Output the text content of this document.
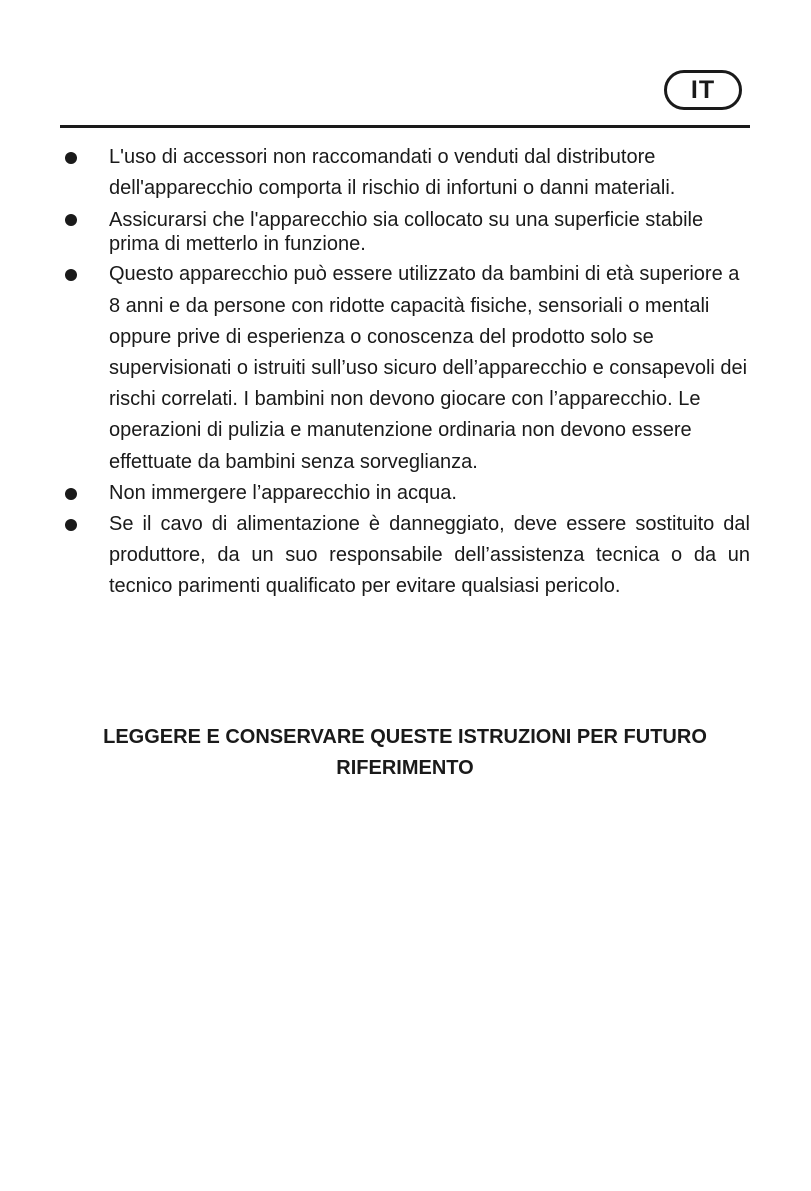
IT
L'uso di accessori non raccomandati o venduti dal distributore dell'apparecchio comporta il rischio di infortuni o danni materiali.
Assicurarsi che l'apparecchio sia collocato su una superficie stabile prima di metterlo in funzione.
Questo apparecchio può essere utilizzato da bambini di età superiore a 8 anni e da persone con ridotte capacità fisiche, sensoriali o mentali oppure prive di esperienza o conoscenza del prodotto solo se supervisionati o istruiti sull’uso sicuro dell’apparecchio e consapevoli dei rischi correlati. I bambini non devono giocare con l’apparecchio. Le operazioni di pulizia e manutenzione ordinaria non devono essere effettuate da bambini senza sorveglianza.
Non immergere l’apparecchio in acqua.
Se il cavo di alimentazione è danneggiato, deve essere sostituito dal produttore, da un suo responsabile dell’assistenza tecnica o da un tecnico parimenti qualificato per evitare qualsiasi pericolo.
LEGGERE E CONSERVARE QUESTE ISTRUZIONI PER FUTURO RIFERIMENTO
